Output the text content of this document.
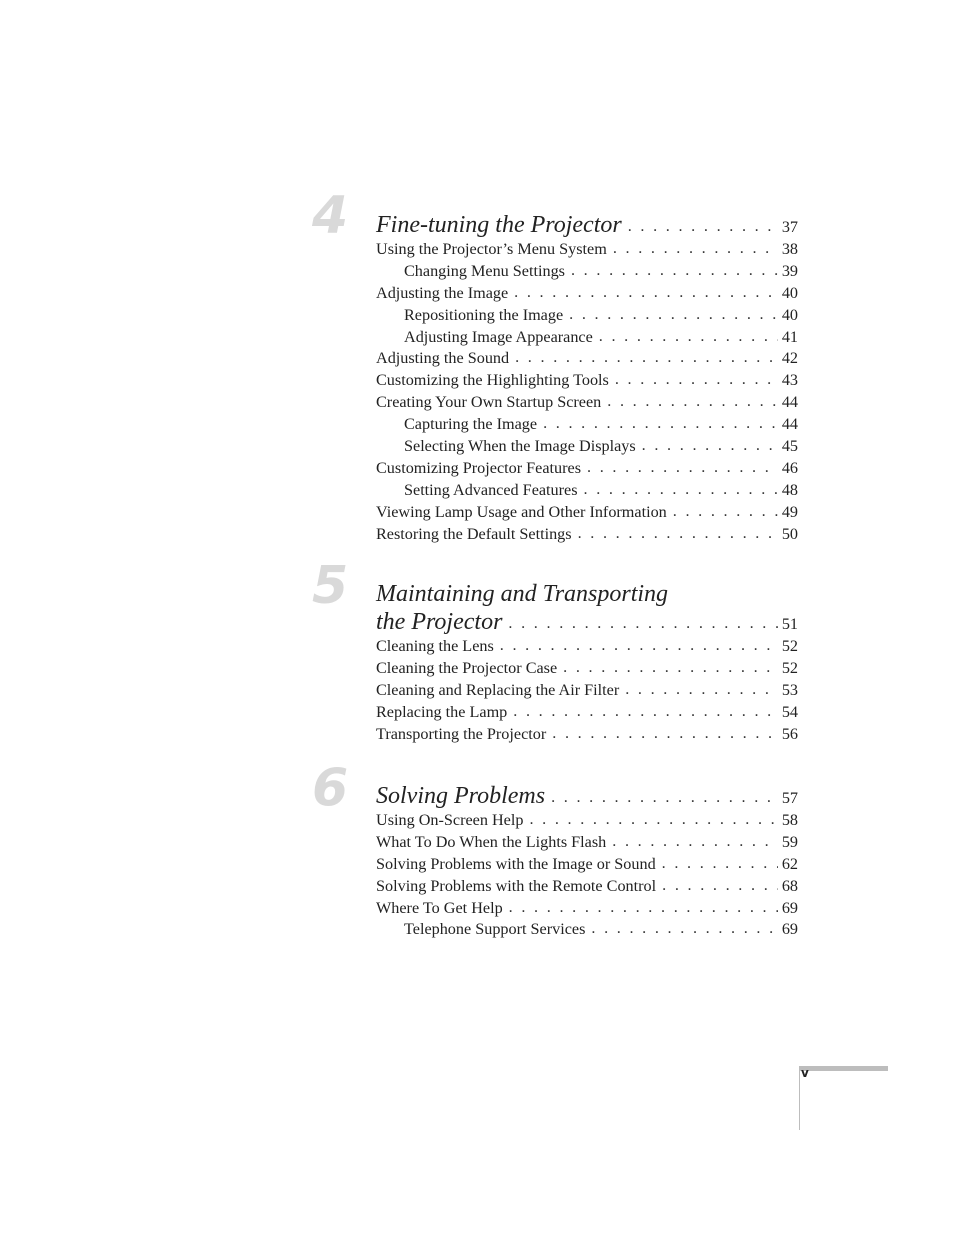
4 Fine-tuning the Projector . . .	37
Using the Projector’s Menu System . . .	38
Changing Menu Settings . . .	39
Adjusting the Image . . .	40
Repositioning the Image . . .	40
Adjusting Image Appearance . . .	41
Adjusting the Sound . . .	42
Customizing the Highlighting Tools . . .	43
Creating Your Own Startup Screen . . .	44
Capturing the Image . . .	44
Selecting When the Image Displays . . .	45
Customizing Projector Features . . .	46
Setting Advanced Features . . .	48
Viewing Lamp Usage and Other Information . . .	49
Restoring the Default Settings . . .	50
5 Maintaining and Transporting
the Projector . . .	51
Cleaning the Lens . . .	52
Cleaning the Projector Case . . .	52
Cleaning and Replacing the Air Filter . . .	53
Replacing the Lamp . . .	54
Transporting the Projector . . .	56
6 Solving Problems . . .	57
Using On-Screen Help . . .	58
What To Do When the Lights Flash . . .	59
Solving Problems with the Image or Sound . . .	62
Solving Problems with the Remote Control . . .	68
Where To Get Help . . .	69
Telephone Support Services . . .	69
v
